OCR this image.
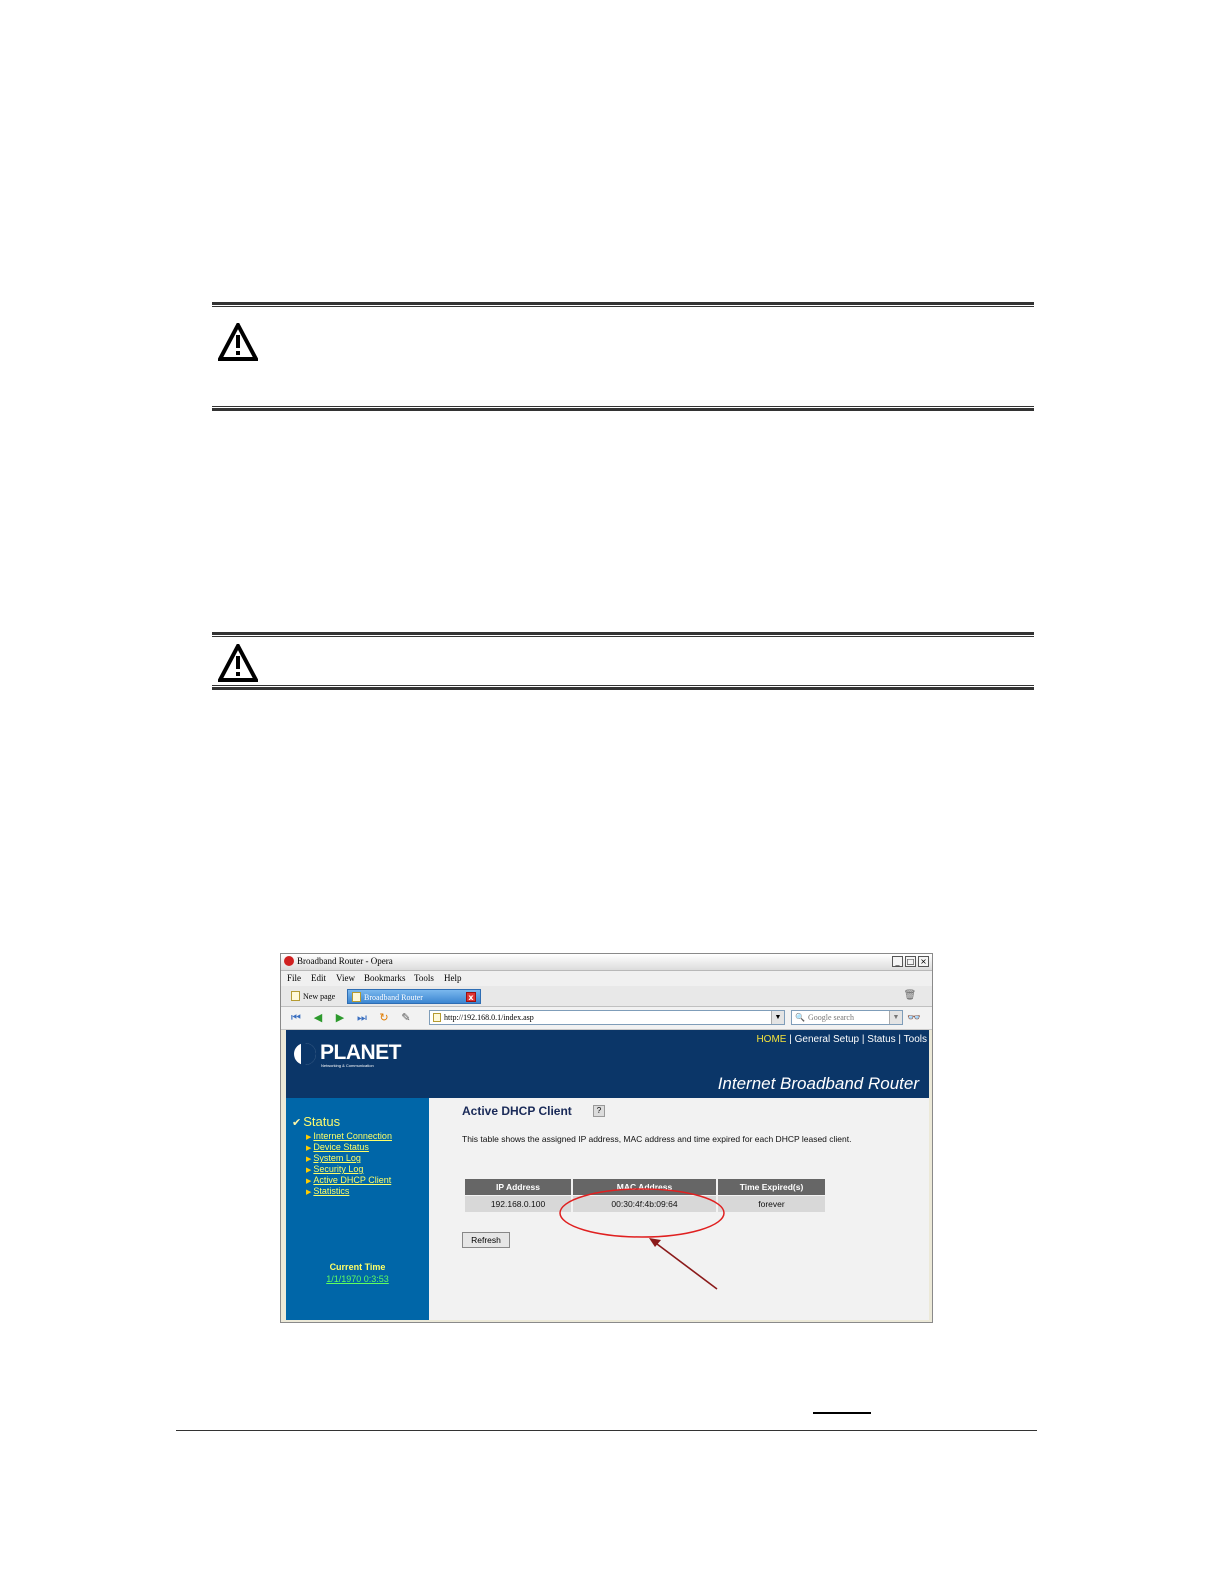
Broadband Router - Opera	_ □ ×
File Edit View Bookmarks Tools Help
New page	Broadband Router	x	🗑
⏮ ◀ ▶ ⏭ ↻ ✎	http://192.168.0.1/index.asp	▼	🔍 Google search	▼ 👓
PLANET
Networking & Communication
HOME | General Setup | Status | Tools
Internet Broadband Router
✔ Status
▶ Internet Connection
▶ Device Status
▶ System Log
▶ Security Log
▶ Active DHCP Client
▶ Statistics
Current Time
1/1/1970 0:3:53
Active DHCP Client	?
This table shows the assigned IP address, MAC address and time expired for each DHCP leased client.
IP Address	MAC Address	Time Expired(s)
192.168.0.100	00:30:4f:4b:09:64	forever
Refresh
